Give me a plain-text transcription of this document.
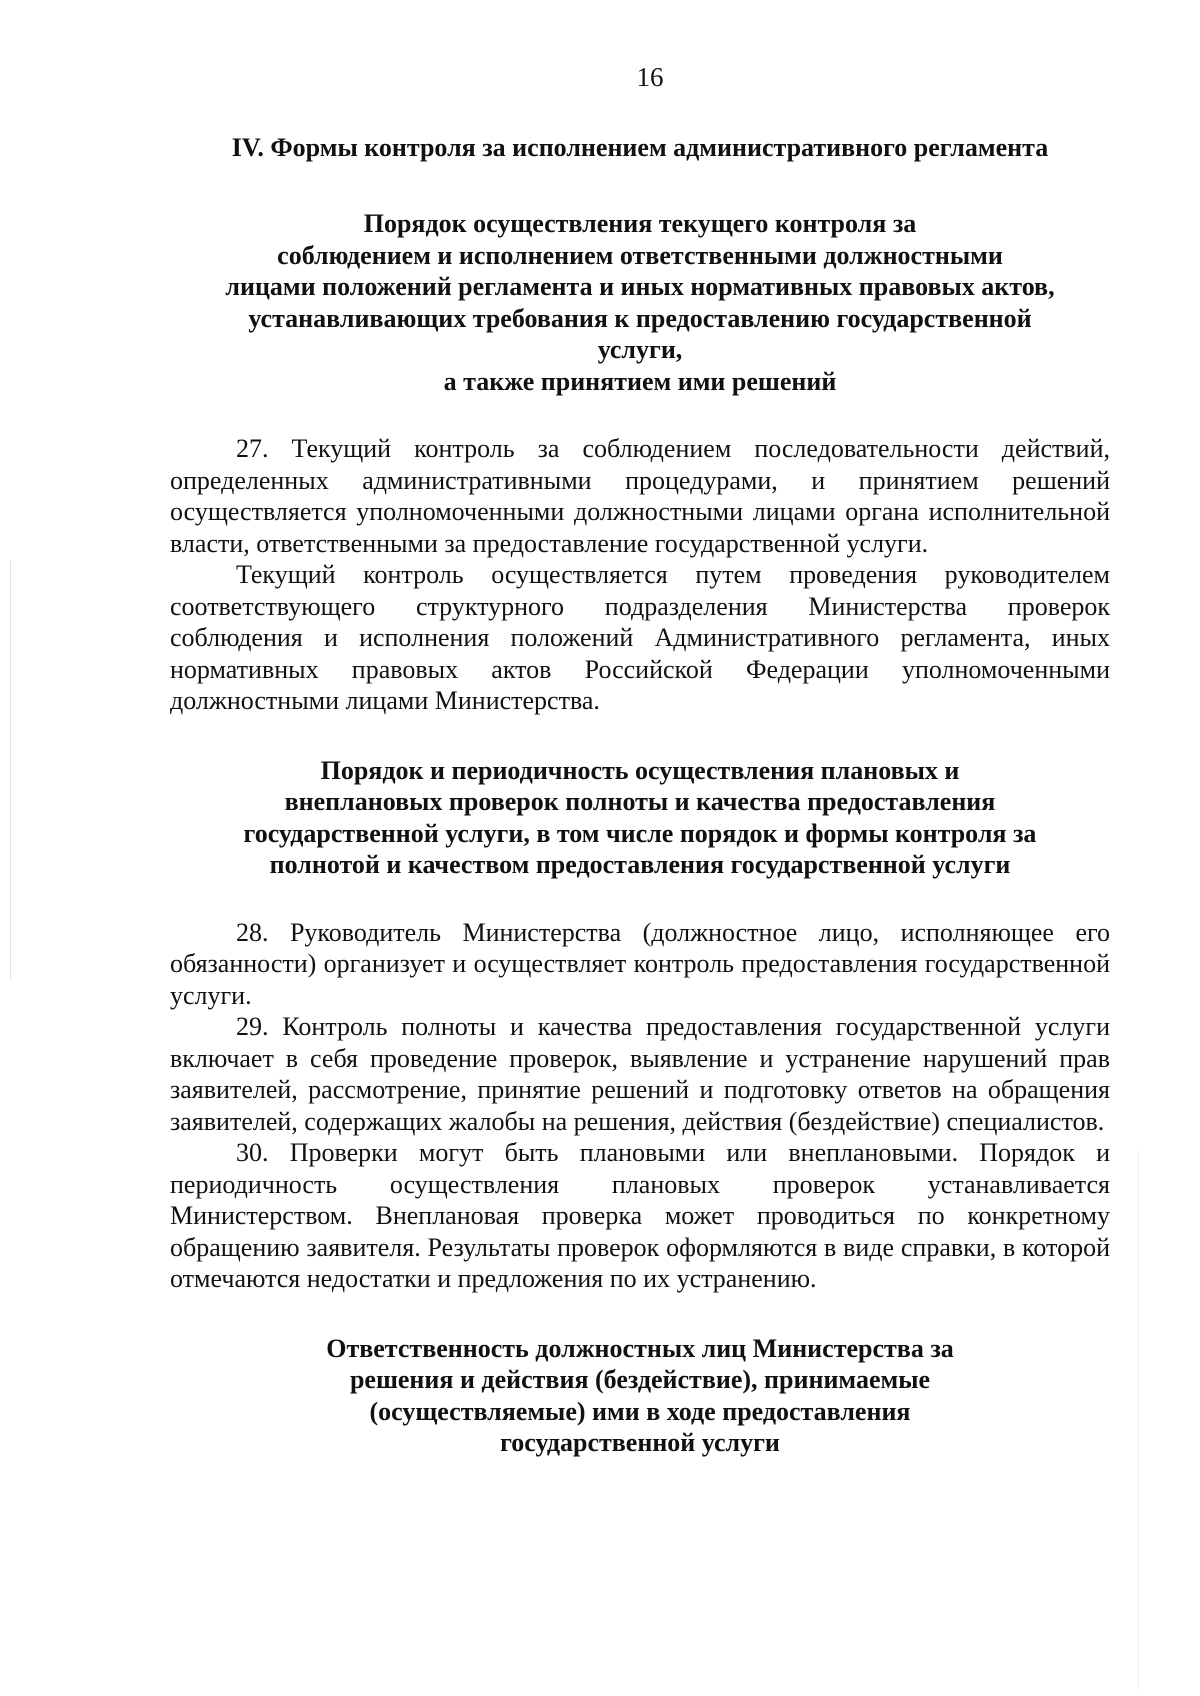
16
IV. Формы контроля за исполнением административного регламента
Порядок осуществления текущего контроля за
соблюдением и исполнением ответственными должностными
лицами положений регламента и иных нормативных правовых актов,
устанавливающих требования к предоставлению государственной
услуги,
а также принятием ими решений

27. Текущий контроль за соблюдением последовательности действий, определенных административными процедурами, и принятием решений осуществляется уполномоченными должностными лицами органа исполнительной власти, ответственными за предоставление государственной услуги.

Текущий контроль осуществляется путем проведения руководителем соответствующего структурного подразделения Министерства проверок соблюдения и исполнения положений Административного регламента, иных нормативных правовых актов Российской Федерации уполномоченными должностными лицами Министерства.

Порядок и периодичность осуществления плановых и
внеплановых проверок полноты и качества предоставления
государственной услуги, в том числе порядок и формы контроля за
полнотой и качеством предоставления государственной услуги

28. Руководитель Министерства (должностное лицо, исполняющее его обязанности) организует и осуществляет контроль предоставления государственной услуги.

29. Контроль полноты и качества предоставления государственной услуги включает в себя проведение проверок, выявление и устранение нарушений прав заявителей, рассмотрение, принятие решений и подготовку ответов на обращения заявителей, содержащих жалобы на решения, действия (бездействие) специалистов.

30. Проверки могут быть плановыми или внеплановыми. Порядок и периодичность осуществления плановых проверок устанавливается Министерством. Внеплановая проверка может проводиться по конкретному обращению заявителя. Результаты проверок оформляются в виде справки, в которой отмечаются недостатки и предложения по их устранению.

Ответственность должностных лиц Министерства за
решения и действия (бездействие), принимаемые
(осуществляемые) ими в ходе предоставления
государственной услуги
